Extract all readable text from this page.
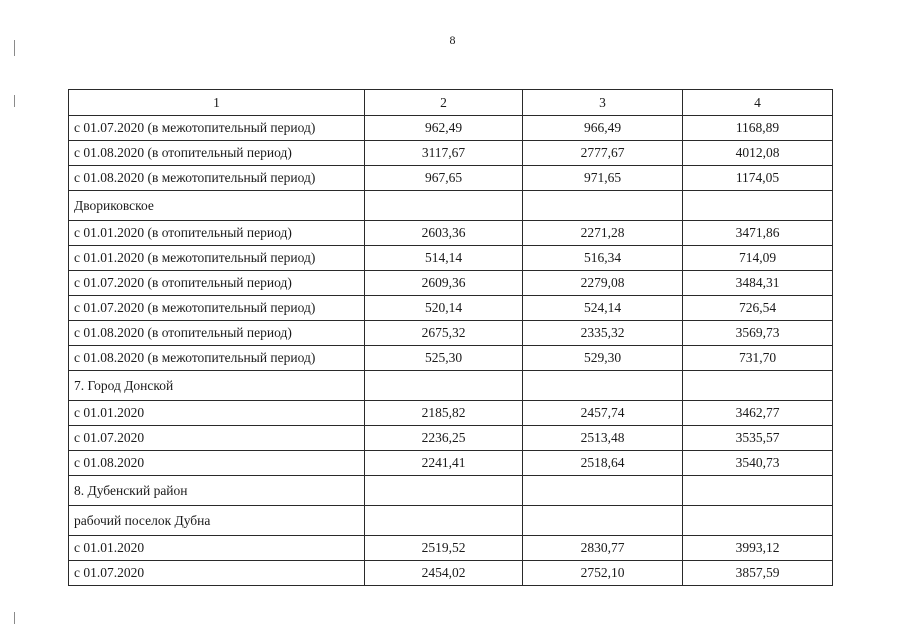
8
1	2	3	4
с 01.07.2020 (в межотопительный период)	962,49	966,49	1168,89
с 01.08.2020 (в отопительный период)	3117,67	2777,67	4012,08
с 01.08.2020 (в межотопительный период)	967,65	971,65	1174,05
Двориковское			
с 01.01.2020 (в отопительный период)	2603,36	2271,28	3471,86
с 01.01.2020 (в межотопительный период)	514,14	516,34	714,09
с 01.07.2020 (в отопительный период)	2609,36	2279,08	3484,31
с 01.07.2020 (в межотопительный период)	520,14	524,14	726,54
с 01.08.2020 (в отопительный период)	2675,32	2335,32	3569,73
с 01.08.2020 (в межотопительный период)	525,30	529,30	731,70
7. Город Донской			
с 01.01.2020	2185,82	2457,74	3462,77
с 01.07.2020	2236,25	2513,48	3535,57
с 01.08.2020	2241,41	2518,64	3540,73
8. Дубенский район			
рабочий поселок Дубна			
с 01.01.2020	2519,52	2830,77	3993,12
с 01.07.2020	2454,02	2752,10	3857,59
